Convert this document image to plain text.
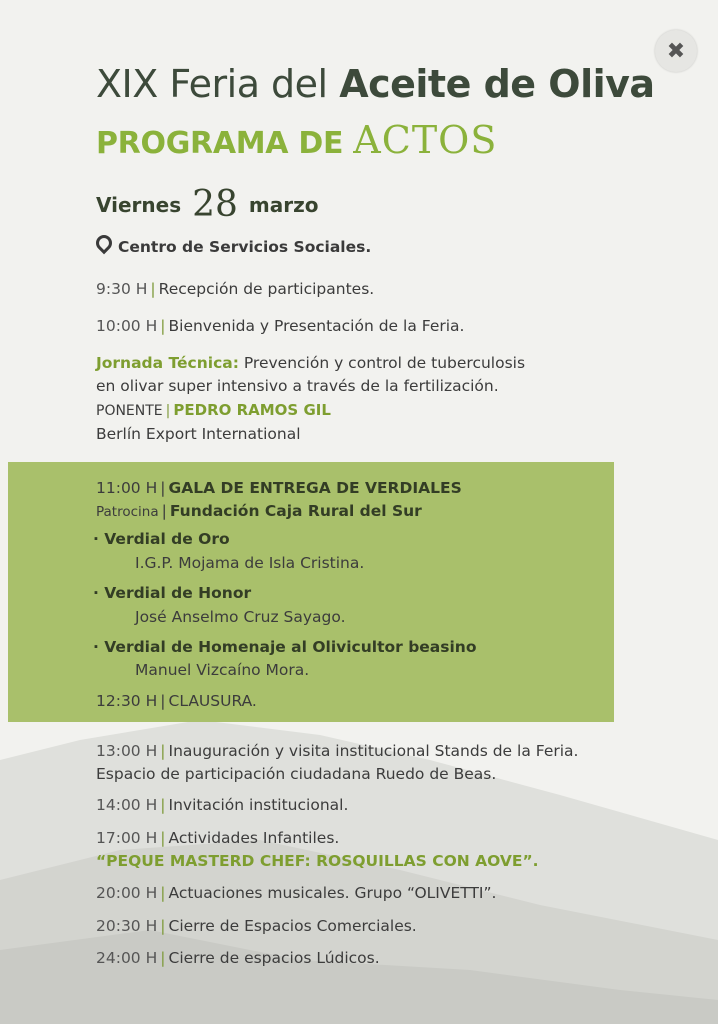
✖
XIX Feria del Aceite de Oliva
PROGRAMA DE ACTOS
Viernes 28 marzo
Centro de Servicios Sociales.
9:30 H | Recepción de participantes.
10:00 H | Bienvenida y Presentación de la Feria.
Jornada Técnica: Prevención y control de tuberculosis
en olivar super intensivo a través de la fertilización.
PONENTE | PEDRO RAMOS GIL
Berlín Export International
11:00 H | GALA DE ENTREGA DE VERDIALES
Patrocina | Fundación Caja Rural del Sur
· Verdial de Oro
I.G.P. Mojama de Isla Cristina.
· Verdial de Honor
José Anselmo Cruz Sayago.
· Verdial de Homenaje al Olivicultor beasino
Manuel Vizcaíno Mora.
12:30 H | CLAUSURA.
13:00 H | Inauguración y visita institucional Stands de la Feria.
Espacio de participación ciudadana Ruedo de Beas.
14:00 H | Invitación institucional.
17:00 H | Actividades Infantiles.
“PEQUE MASTERD CHEF: ROSQUILLAS CON AOVE”.
20:00 H | Actuaciones musicales. Grupo “OLIVETTI”.
20:30 H | Cierre de Espacios Comerciales.
24:00 H | Cierre de espacios Lúdicos.
